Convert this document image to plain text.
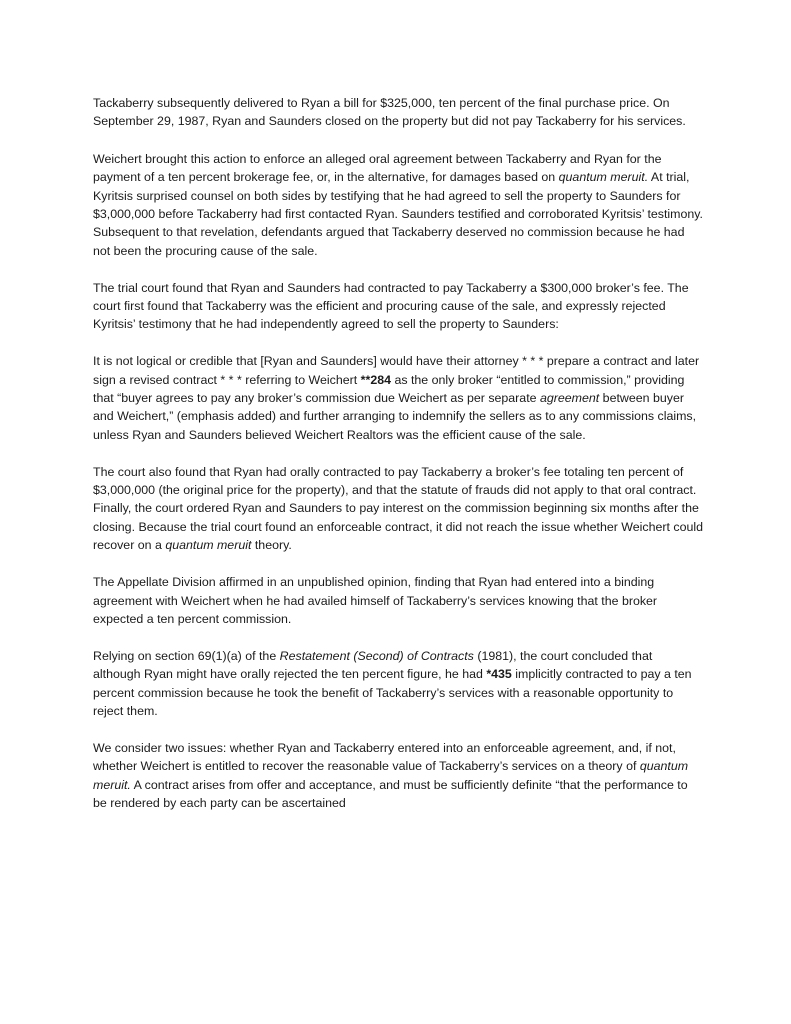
Tackaberry subsequently delivered to Ryan a bill for $325,000, ten percent of the final purchase price. On September 29, 1987, Ryan and Saunders closed on the property but did not pay Tackaberry for his services.

Weichert brought this action to enforce an alleged oral agreement between Tackaberry and Ryan for the payment of a ten percent brokerage fee, or, in the alternative, for damages based on quantum meruit. At trial, Kyritsis surprised counsel on both sides by testifying that he had agreed to sell the property to Saunders for $3,000,000 before Tackaberry had first contacted Ryan. Saunders testified and corroborated Kyritsis’ testimony. Subsequent to that revelation, defendants argued that Tackaberry deserved no commission because he had not been the procuring cause of the sale.

The trial court found that Ryan and Saunders had contracted to pay Tackaberry a $300,000 broker’s fee. The court first found that Tackaberry was the efficient and procuring cause of the sale, and expressly rejected Kyritsis’ testimony that he had independently agreed to sell the property to Saunders:

It is not logical or credible that [Ryan and Saunders] would have their attorney * * * prepare a contract and later sign a revised contract * * * referring to Weichert **284 as the only broker “entitled to commission,” providing that “buyer agrees to pay any broker’s commission due Weichert as per separate agreement between buyer and Weichert,” (emphasis added) and further arranging to indemnify the sellers as to any commissions claims, unless Ryan and Saunders believed Weichert Realtors was the efficient cause of the sale.

The court also found that Ryan had orally contracted to pay Tackaberry a broker’s fee totaling ten percent of $3,000,000 (the original price for the property), and that the statute of frauds did not apply to that oral contract. Finally, the court ordered Ryan and Saunders to pay interest on the commission beginning six months after the closing. Because the trial court found an enforceable contract, it did not reach the issue whether Weichert could recover on a quantum meruit theory.

The Appellate Division affirmed in an unpublished opinion, finding that Ryan had entered into a binding agreement with Weichert when he had availed himself of Tackaberry’s services knowing that the broker expected a ten percent commission.

Relying on section 69(1)(a) of the Restatement (Second) of Contracts (1981), the court concluded that although Ryan might have orally rejected the ten percent figure, he had *435 implicitly contracted to pay a ten percent commission because he took the benefit of Tackaberry’s services with a reasonable opportunity to reject them.

We consider two issues: whether Ryan and Tackaberry entered into an enforceable agreement, and, if not, whether Weichert is entitled to recover the reasonable value of Tackaberry’s services on a theory of quantum meruit. A contract arises from offer and acceptance, and must be sufficiently definite “that the performance to be rendered by each party can be ascertained
